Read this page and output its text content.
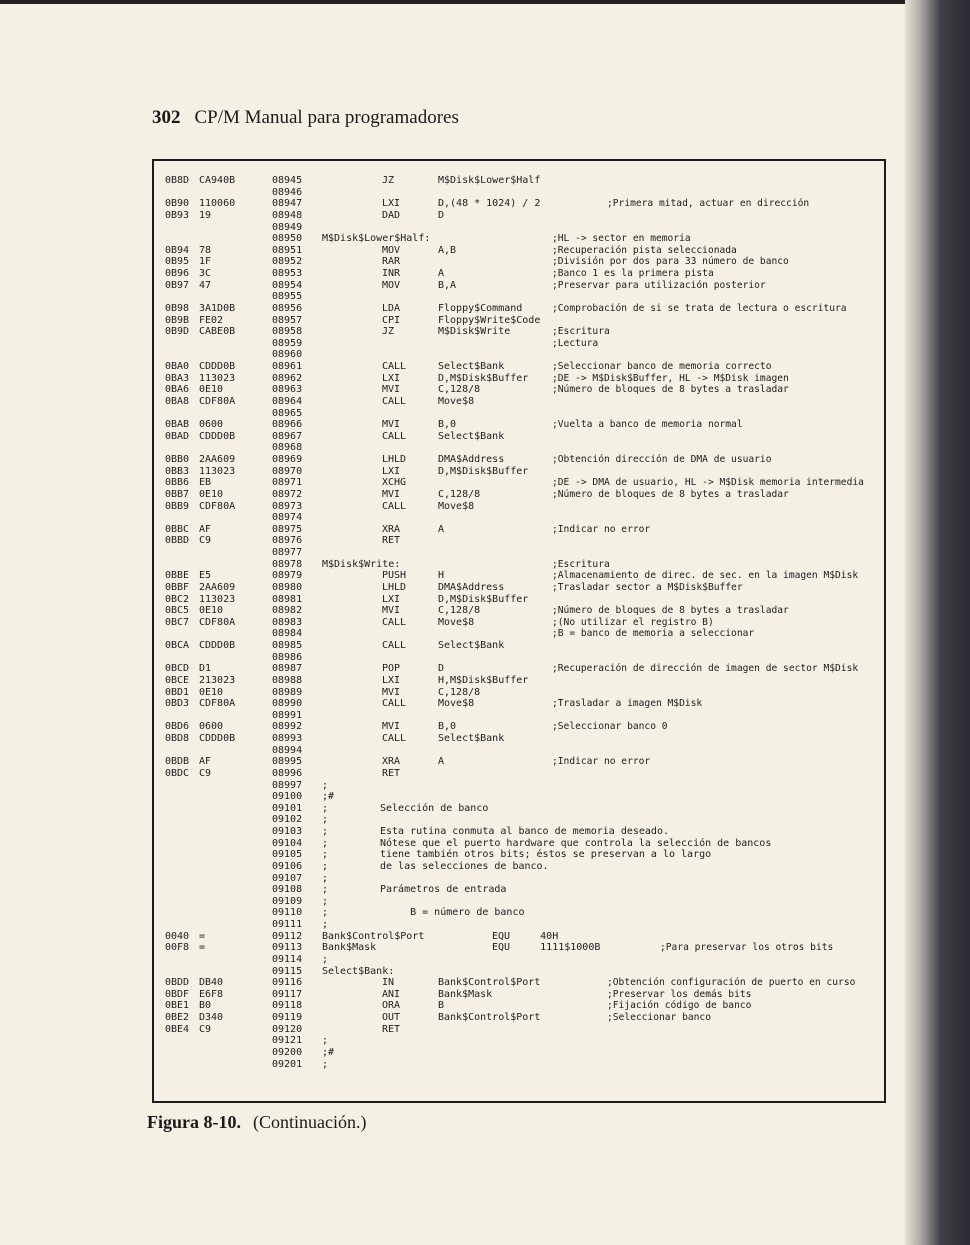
302 CP/M Manual para programadores
0B8D CA940B	08945	JZ	M$Disk$Lower$Half
08946
0B90 110060	08947	LXI	D,(48 * 1024) / 2	;Primera mitad, actuar en dirección
0B93 19	08948	DAD	D
08949
08950 M$Disk$Lower$Half:	;HL -> sector en memoria
0B94 78	08951	MOV	A,B	;Recuperación pista seleccionada
0B95 1F	08952	RAR	;División por dos para 33 número de banco
0B96 3C	08953	INR	A	;Banco 1 es la primera pista
0B97 47	08954	MOV	B,A	;Preservar para utilización posterior
08955
0B98 3A1D0B	08956	LDA	Floppy$Command	;Comprobación de si se trata de lectura o escritura
0B9B FE02	08957	CPI	Floppy$Write$Code
0B9D CABE0B	08958	JZ	M$Disk$Write	;Escritura
08959	;Lectura
08960
0BA0 CDDD0B	08961	CALL	Select$Bank	;Seleccionar banco de memoria correcto
0BA3 113023	08962	LXI	D,M$Disk$Buffer ;DE -> M$Disk$Buffer, HL -> M$Disk imagen
0BA6 0E10	08963	MVI	C,128/8	;Número de bloques de 8 bytes a trasladar
0BA8 CDF80A	08964	CALL	Move$8
08965
0BAB 0600	08966	MVI	B,0	;Vuelta a banco de memoria normal
0BAD CDDD0B	08967	CALL	Select$Bank
08968
0BB0 2AA609	08969	LHLD	DMA$Address	;Obtención dirección de DMA de usuario
0BB3 113023	08970	LXI	D,M$Disk$Buffer
0BB6 EB	08971	XCHG	;DE -> DMA de usuario, HL -> M$Disk memoria intermedia
0BB7 0E10	08972	MVI	C,128/8	;Número de bloques de 8 bytes a trasladar
0BB9 CDF80A	08973	CALL	Move$8
08974
0BBC AF	08975	XRA	A	;Indicar no error
0BBD C9	08976	RET
08977
08978 M$Disk$Write:	;Escritura
0BBE E5	08979	PUSH	H	;Almacenamiento de direc. de sec. en la imagen M$Disk
0BBF 2AA609	08980	LHLD	DMA$Address	;Trasladar sector a M$Disk$Buffer
0BC2 113023	08981	LXI	D,M$Disk$Buffer
0BC5 0E10	08982	MVI	C,128/8	;Número de bloques de 8 bytes a trasladar
0BC7 CDF80A	08983	CALL	Move$8	;(No utilizar el registro B)
08984	;B = banco de memoria a seleccionar
0BCA CDDD0B	08985	CALL	Select$Bank
08986
0BCD D1	08987	POP	D	;Recuperación de dirección de imagen de sector M$Disk
0BCE 213023	08988	LXI	H,M$Disk$Buffer
0BD1 0E10	08989	MVI	C,128/8
0BD3 CDF80A	08990	CALL	Move$8	;Trasladar a imagen M$Disk
08991
0BD6 0600	08992	MVI	B,0	;Seleccionar banco 0
0BD8 CDDD0B	08993	CALL	Select$Bank
08994
0BDB AF	08995	XRA	A	;Indicar no error
0BDC C9	08996	RET
08997 ;
09100 ;#
09101 ;	Selección de banco
09102 ;
09103 ;	Esta rutina conmuta al banco de memoria deseado.
09104 ;	Nótese que el puerto hardware que controla la selección de bancos
09105 ;	tiene también otros bits; éstos se preservan a lo largo
09106 ;	de las selecciones de banco.
09107 ;
09108 ;	Parámetros de entrada
09109 ;
09110 ;	B = número de banco
09111 ;
0040 =	09112 Bank$Control$Port	EQU     40H
00F8 =	09113 Bank$Mask	EQU     1111$1000B	;Para preservar los otros bits
09114 ;
09115 Select$Bank:
0BDD DB40	09116	IN	Bank$Control$Port	;Obtención configuración de puerto en curso
0BDF E6F8	09117	ANI	Bank$Mask	;Preservar los demás bits
0BE1 B0	09118	ORA	B	;Fijación código de banco
0BE2 D340	09119	OUT	Bank$Control$Port	;Seleccionar banco
0BE4 C9	09120	RET
09121 ;
09200 ;#
09201 ;
Figura 8-10. (Continuación.)
